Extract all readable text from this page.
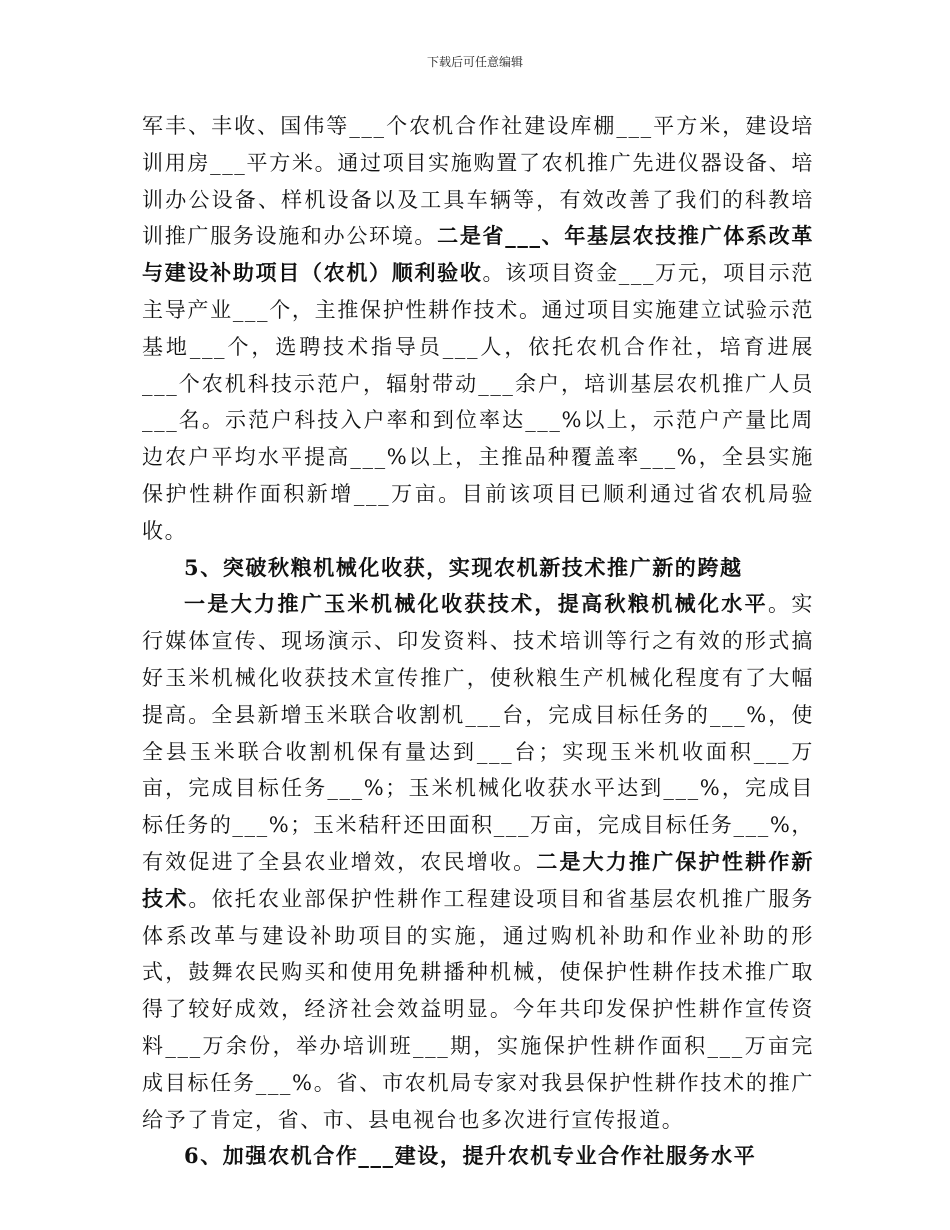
下载后可任意编辑

军丰、丰收、国伟等___个农机合作社建设库棚___平方米，建设培训用房___平方米。通过项目实施购置了农机推广先进仪器设备、培训办公设备、样机设备以及工具车辆等，有效改善了我们的科教培训推广服务设施和办公环境。二是省___、年基层农技推广体系改革与建设补助项目（农机）顺利验收。该项目资金___万元，项目示范主导产业___个，主推保护性耕作技术。通过项目实施建立试验示范基地___个，选聘技术指导员___人，依托农机合作社，培育进展___个农机科技示范户，辐射带动___余户，培训基层农机推广人员___名。示范户科技入户率和到位率达___%以上，示范户产量比周边农户平均水平提高___%以上，主推品种覆盖率___%，全县实施保护性耕作面积新增___万亩。目前该项目已顺利通过省农机局验收。

5、突破秋粮机械化收获，实现农机新技术推广新的跨越

一是大力推广玉米机械化收获技术，提高秋粮机械化水平。实行媒体宣传、现场演示、印发资料、技术培训等行之有效的形式搞好玉米机械化收获技术宣传推广，使秋粮生产机械化程度有了大幅提高。全县新增玉米联合收割机___台，完成目标任务的___%，使全县玉米联合收割机保有量达到___台；实现玉米机收面积___万亩，完成目标任务___%；玉米机械化收获水平达到___%，完成目标任务的___%；玉米秸秆还田面积___万亩，完成目标任务___%，有效促进了全县农业增效，农民增收。二是大力推广保护性耕作新技术。依托农业部保护性耕作工程建设项目和省基层农机推广服务体系改革与建设补助项目的实施，通过购机补助和作业补助的形式，鼓舞农民购买和使用免耕播种机械，使保护性耕作技术推广取得了较好成效，经济社会效益明显。今年共印发保护性耕作宣传资料___万余份，举办培训班___期，实施保护性耕作面积___万亩完成目标任务___%。省、市农机局专家对我县保护性耕作技术的推广给予了肯定，省、市、县电视台也多次进行宣传报道。

6、加强农机合作___建设，提升农机专业合作社服务水平
